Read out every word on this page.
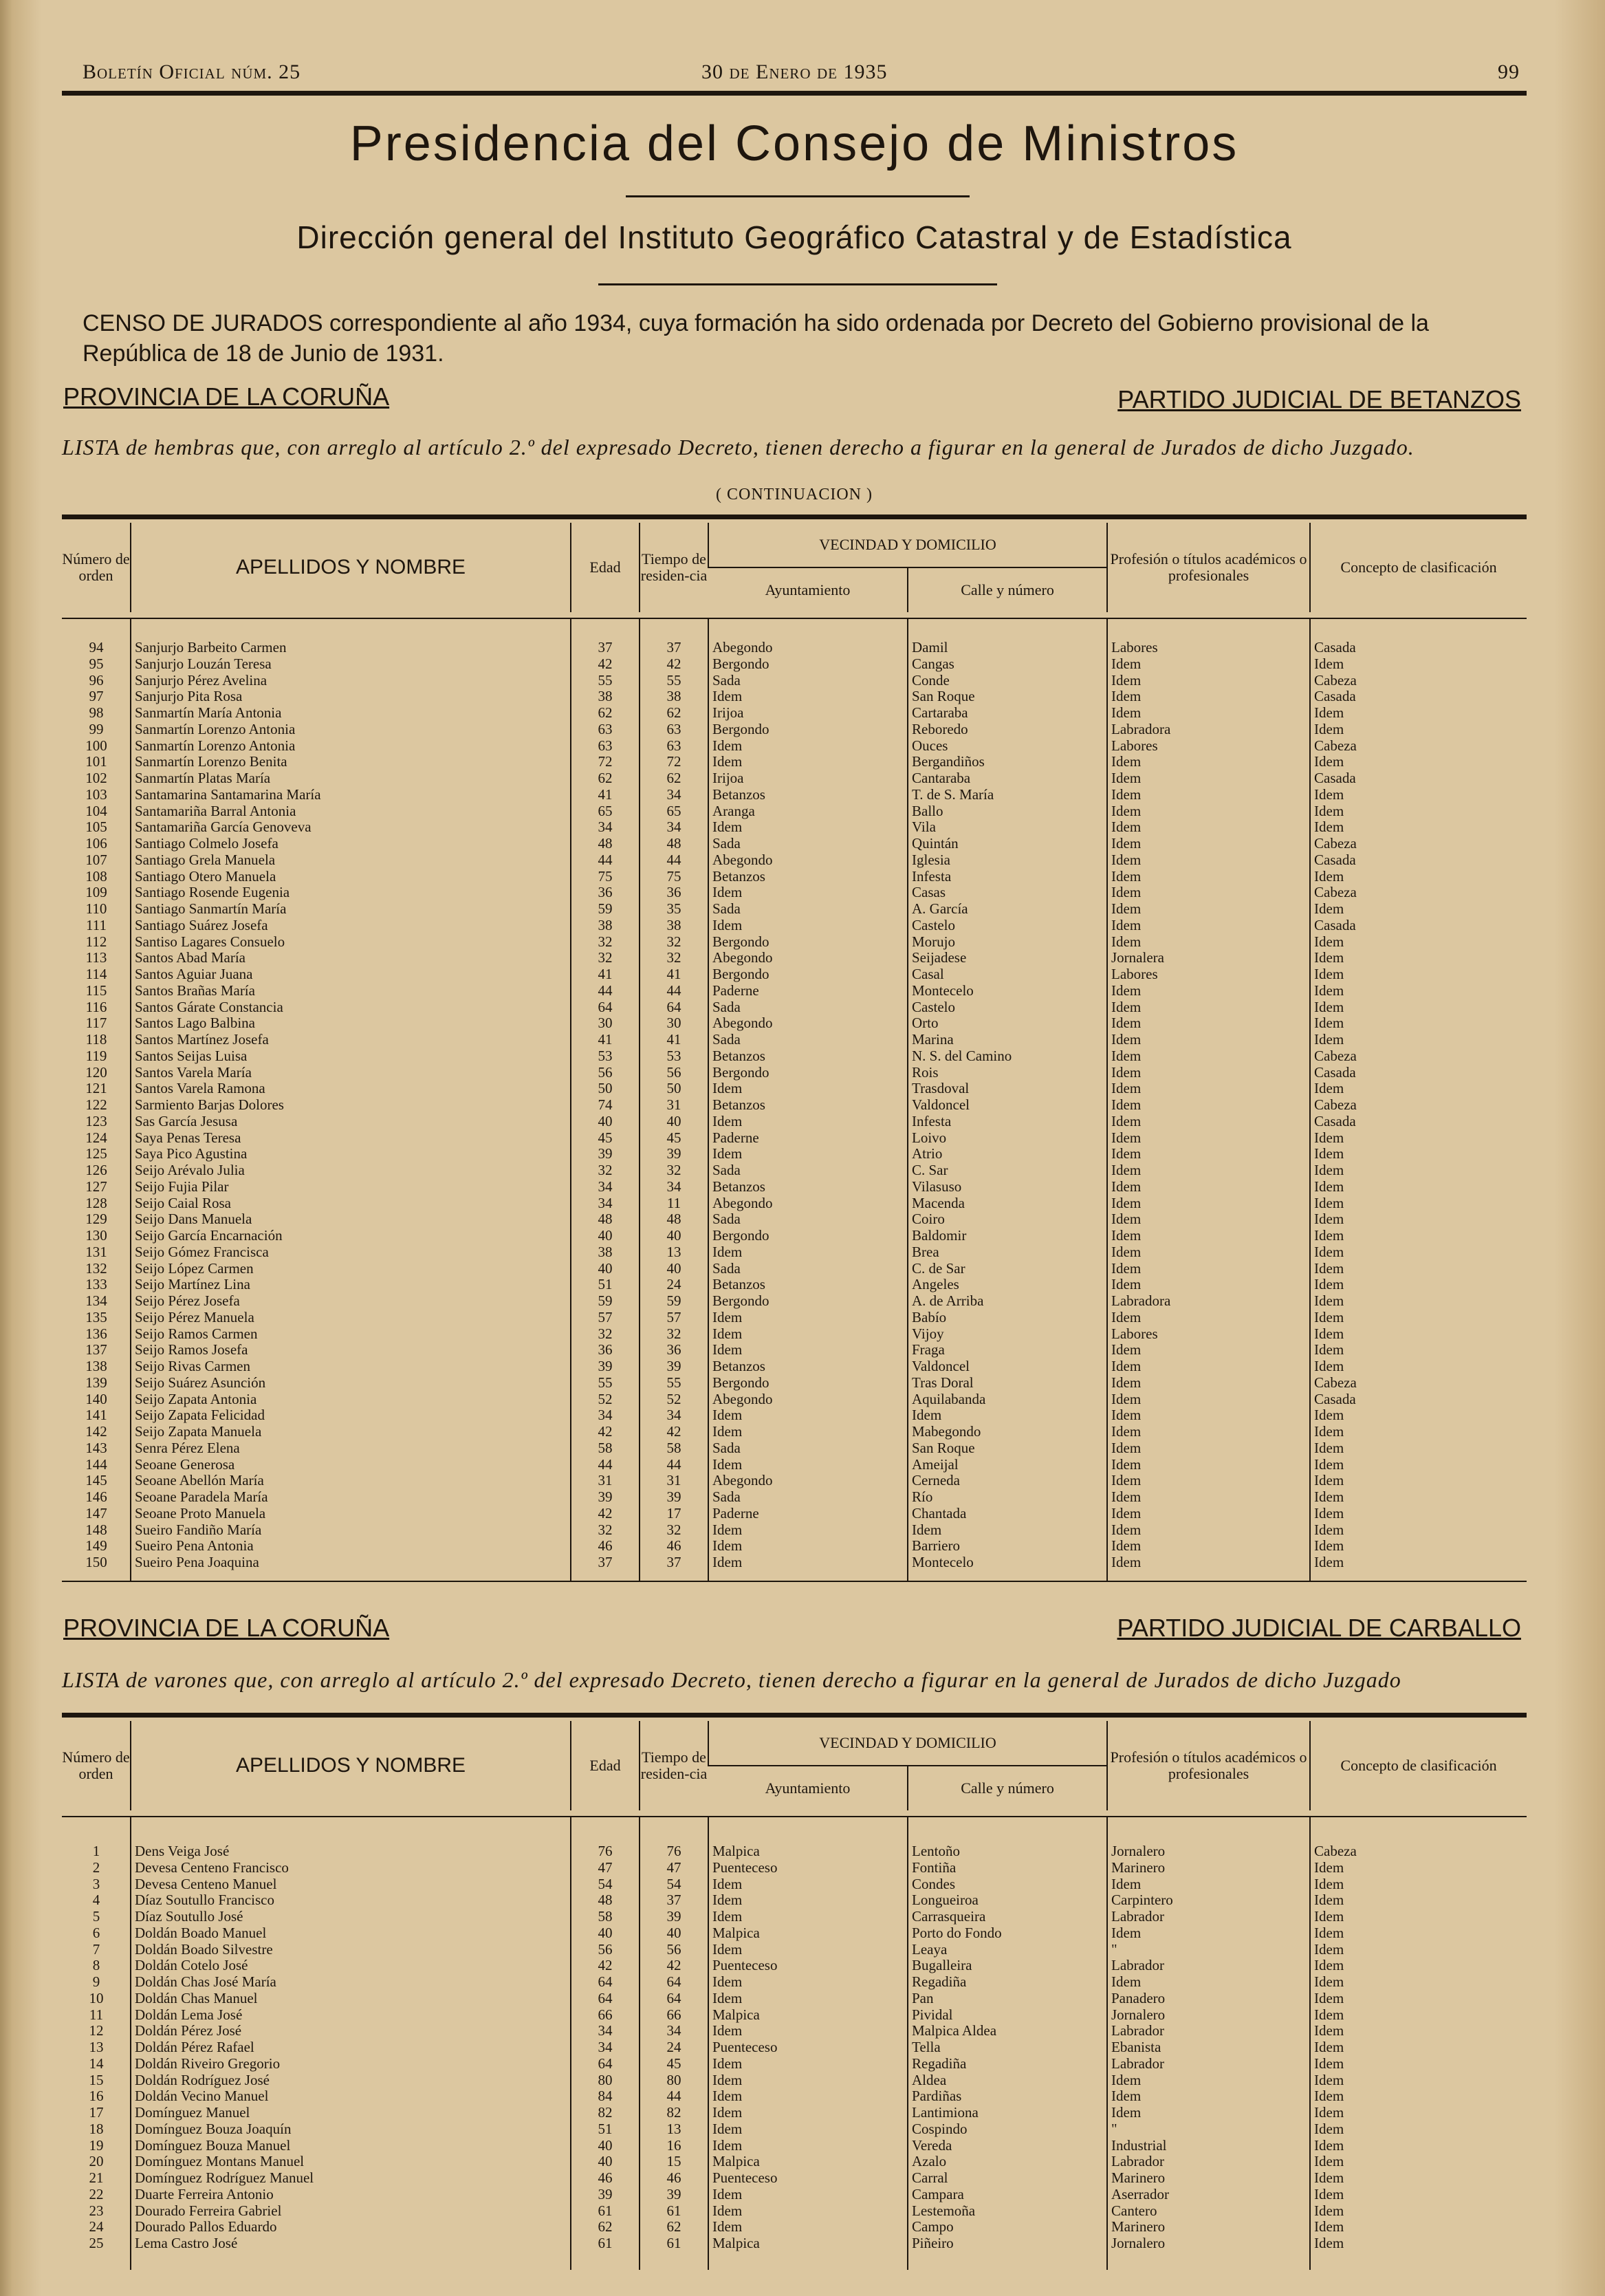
Boletín Oficial núm. 25	30 de Enero de 1935	99
Presidencia del Consejo de Ministros
Dirección general del Instituto Geográfico Catastral y de Estadística
CENSO DE JURADOS correspondiente al año 1934, cuya formación ha sido ordenada por Decreto del Gobierno provisional de la República de 18 de Junio de 1931.
PROVINCIA DE LA CORUÑA	PARTIDO JUDICIAL DE BETANZOS
LISTA de hembras que, con arreglo al artículo 2.º del expresado Decreto, tienen derecho a figurar en la general de Jurados de dicho Juzgado.
( CONTINUACION )
Número de orden	APELLIDOS Y NOMBRE	Edad	Tiempo de residen-cia	VECINDAD Y DOMICILIO		Profesión o títulos académicos o profesionales	Concepto de clasificación
				Ayuntamiento	Calle y número		
94	Sanjurjo Barbeito Carmen	37	37	Abegondo	Damil	Labores	Casada
95	Sanjurjo Louzán Teresa	42	42	Bergondo	Cangas	Idem	Idem
96	Sanjurjo Pérez Avelina	55	55	Sada	Conde	Idem	Cabeza
97	Sanjurjo Pita Rosa	38	38	Idem	San Roque	Idem	Casada
98	Sanmartín María Antonia	62	62	Irijoa	Cartaraba	Idem	Idem
99	Sanmartín Lorenzo Antonia	63	63	Bergondo	Reboredo	Labradora	Idem
100	Sanmartín Lorenzo Antonia	63	63	Idem	Ouces	Labores	Cabeza
101	Sanmartín Lorenzo Benita	72	72	Idem	Bergandiños	Idem	Idem
102	Sanmartín Platas María	62	62	Irijoa	Cantaraba	Idem	Casada
103	Santamarina Santamarina María	41	34	Betanzos	T. de S. María	Idem	Idem
104	Santamariña Barral Antonia	65	65	Aranga	Ballo	Idem	Idem
105	Santamariña García Genoveva	34	34	Idem	Vila	Idem	Idem
106	Santiago Colmelo Josefa	48	48	Sada	Quintán	Idem	Cabeza
107	Santiago Grela Manuela	44	44	Abegondo	Iglesia	Idem	Casada
108	Santiago Otero Manuela	75	75	Betanzos	Infesta	Idem	Idem
109	Santiago Rosende Eugenia	36	36	Idem	Casas	Idem	Cabeza
110	Santiago Sanmartín María	59	35	Sada	A. García	Idem	Idem
111	Santiago Suárez Josefa	38	38	Idem	Castelo	Idem	Casada
112	Santiso Lagares Consuelo	32	32	Bergondo	Morujo	Idem	Idem
113	Santos Abad María	32	32	Abegondo	Seijadese	Jornalera	Idem
114	Santos Aguiar Juana	41	41	Bergondo	Casal	Labores	Idem
115	Santos Brañas María	44	44	Paderne	Montecelo	Idem	Idem
116	Santos Gárate Constancia	64	64	Sada	Castelo	Idem	Idem
117	Santos Lago Balbina	30	30	Abegondo	Orto	Idem	Idem
118	Santos Martínez Josefa	41	41	Sada	Marina	Idem	Idem
119	Santos Seijas Luisa	53	53	Betanzos	N. S. del Camino	Idem	Cabeza
120	Santos Varela María	56	56	Bergondo	Rois	Idem	Casada
121	Santos Varela Ramona	50	50	Idem	Trasdoval	Idem	Idem
122	Sarmiento Barjas Dolores	74	31	Betanzos	Valdoncel	Idem	Cabeza
123	Sas García Jesusa	40	40	Idem	Infesta	Idem	Casada
124	Saya Penas Teresa	45	45	Paderne	Loivo	Idem	Idem
125	Saya Pico Agustina	39	39	Idem	Atrio	Idem	Idem
126	Seijo Arévalo Julia	32	32	Sada	C. Sar	Idem	Idem
127	Seijo Fujia Pilar	34	34	Betanzos	Vilasuso	Idem	Idem
128	Seijo Caial Rosa	34	11	Abegondo	Macenda	Idem	Idem
129	Seijo Dans Manuela	48	48	Sada	Coiro	Idem	Idem
130	Seijo García Encarnación	40	40	Bergondo	Baldomir	Idem	Idem
131	Seijo Gómez Francisca	38	13	Idem	Brea	Idem	Idem
132	Seijo López Carmen	40	40	Sada	C. de Sar	Idem	Idem
133	Seijo Martínez Lina	51	24	Betanzos	Angeles	Idem	Idem
134	Seijo Pérez Josefa	59	59	Bergondo	A. de Arriba	Labradora	Idem
135	Seijo Pérez Manuela	57	57	Idem	Babío	Idem	Idem
136	Seijo Ramos Carmen	32	32	Idem	Vijoy	Labores	Idem
137	Seijo Ramos Josefa	36	36	Idem	Fraga	Idem	Idem
138	Seijo Rivas Carmen	39	39	Betanzos	Valdoncel	Idem	Idem
139	Seijo Suárez Asunción	55	55	Bergondo	Tras Doral	Idem	Cabeza
140	Seijo Zapata Antonia	52	52	Abegondo	Aquilabanda	Idem	Casada
141	Seijo Zapata Felicidad	34	34	Idem	Idem	Idem	Idem
142	Seijo Zapata Manuela	42	42	Idem	Mabegondo	Idem	Idem
143	Senra Pérez Elena	58	58	Sada	San Roque	Idem	Idem
144	Seoane Generosa	44	44	Idem	Ameijal	Idem	Idem
145	Seoane Abellón María	31	31	Abegondo	Cerneda	Idem	Idem
146	Seoane Paradela María	39	39	Sada	Río	Idem	Idem
147	Seoane Proto Manuela	42	17	Paderne	Chantada	Idem	Idem
148	Sueiro Fandiño María	32	32	Idem	Idem	Idem	Idem
149	Sueiro Pena Antonia	46	46	Idem	Barriero	Idem	Idem
150	Sueiro Pena Joaquina	37	37	Idem	Montecelo	Idem	Idem
PROVINCIA DE LA CORUÑA	PARTIDO JUDICIAL DE CARBALLO
LISTA de varones que, con arreglo al artículo 2.º del expresado Decreto, tienen derecho a figurar en la general de Jurados de dicho Juzgado
Número de orden	APELLIDOS Y NOMBRE	Edad	Tiempo de residen-cia	VECINDAD Y DOMICILIO		Profesión o títulos académicos o profesionales	Concepto de clasificación
				Ayuntamiento	Calle y número		
1	Dens Veiga José	76	76	Malpica	Lentoño	Jornalero	Cabeza
2	Devesa Centeno Francisco	47	47	Puenteceso	Fontiña	Marinero	Idem
3	Devesa Centeno Manuel	54	54	Idem	Condes	Idem	Idem
4	Díaz Soutullo Francisco	48	37	Idem	Longueiroa	Carpintero	Idem
5	Díaz Soutullo José	58	39	Idem	Carrasqueira	Labrador	Idem
6	Doldán Boado Manuel	40	40	Malpica	Porto do Fondo	Idem	Idem
7	Doldán Boado Silvestre	56	56	Idem	Leaya	"	Idem
8	Doldán Cotelo José	42	42	Puenteceso	Bugalleira	Labrador	Idem
9	Doldán Chas José María	64	64	Idem	Regadiña	Idem	Idem
10	Doldán Chas Manuel	64	64	Idem	Pan	Panadero	Idem
11	Doldán Lema José	66	66	Malpica	Pividal	Jornalero	Idem
12	Doldán Pérez José	34	34	Idem	Malpica Aldea	Labrador	Idem
13	Doldán Pérez Rafael	34	24	Puenteceso	Tella	Ebanista	Idem
14	Doldán Riveiro Gregorio	64	45	Idem	Regadiña	Labrador	Idem
15	Doldán Rodríguez José	80	80	Idem	Aldea	Idem	Idem
16	Doldán Vecino Manuel	84	44	Idem	Pardiñas	Idem	Idem
17	Domínguez Manuel	82	82	Idem	Lantimiona	Idem	Idem
18	Domínguez Bouza Joaquín	51	13	Idem	Cospindo	"	Idem
19	Domínguez Bouza Manuel	40	16	Idem	Vereda	Industrial	Idem
20	Domínguez Montans Manuel	40	15	Malpica	Azalo	Labrador	Idem
21	Domínguez Rodríguez Manuel	46	46	Puenteceso	Carral	Marinero	Idem
22	Duarte Ferreira Antonio	39	39	Idem	Campara	Aserrador	Idem
23	Dourado Ferreira Gabriel	61	61	Idem	Lestemoña	Cantero	Idem
24	Dourado Pallos Eduardo	62	62	Idem	Campo	Marinero	Idem
25	Lema Castro José	61	61	Malpica	Piñeiro	Jornalero	Idem
